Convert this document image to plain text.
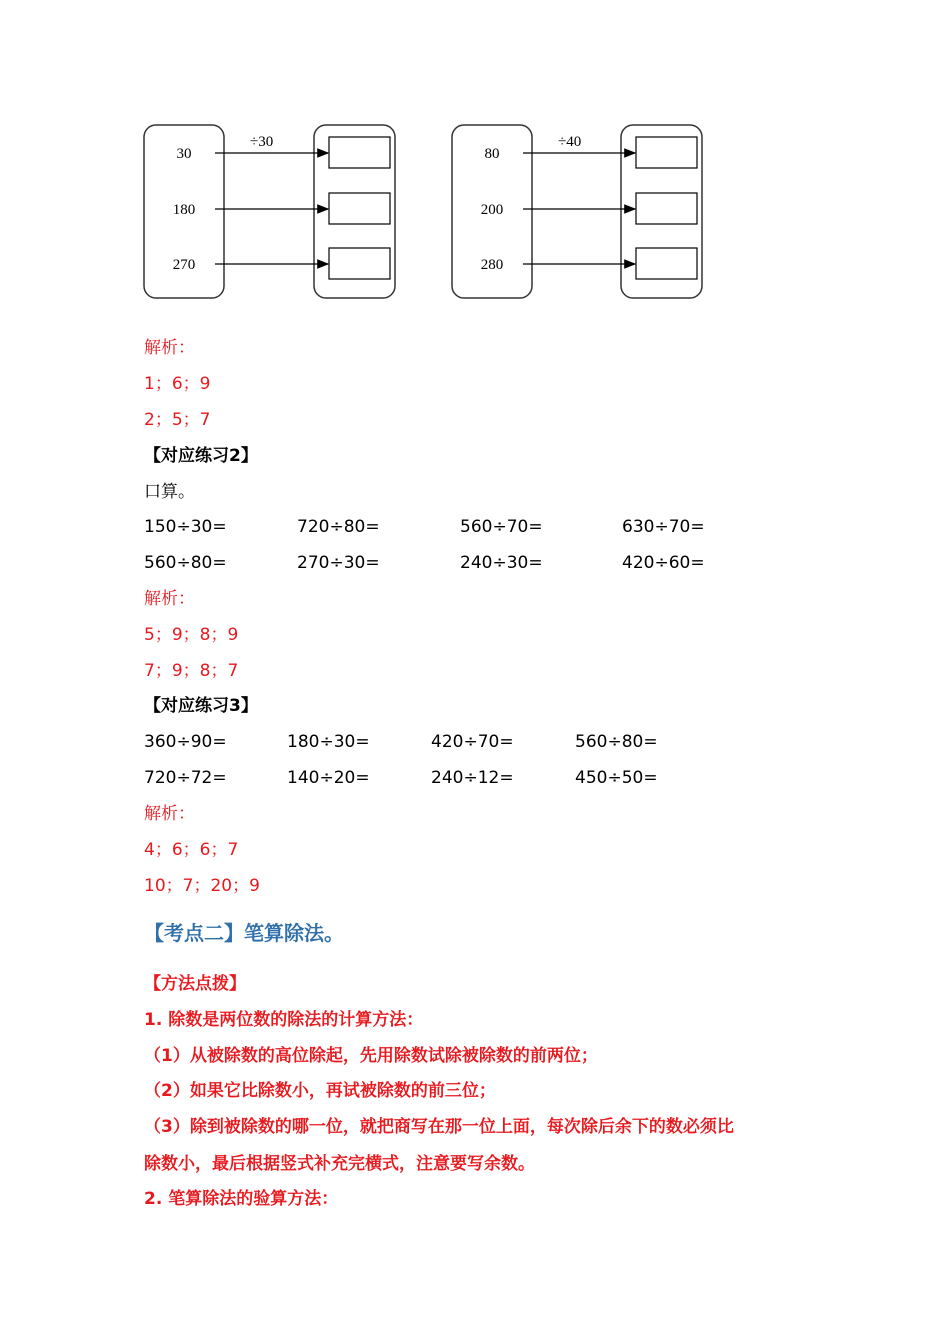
÷30
30
180
270
÷40
80
200
280
解析：
1；6；9
2；5；7
【对应练习2】
口算。
150÷30=	720÷80=	560÷70=	630÷70=
560÷80=	270÷30=	240÷30=	420÷60=
解析：
5；9；8；9
7；9；8；7
【对应练习3】
360÷90=	180÷30=	420÷70=	560÷80=
720÷72=	140÷20=	240÷12=	450÷50=
解析：
4；6；6；7
10；7；20；9
【考点二】笔算除法。
【方法点拨】
1. 除数是两位数的除法的计算方法：
（1）从被除数的高位除起，先用除数试除被除数的前两位；
（2）如果它比除数小，再试被除数的前三位；
（3）除到被除数的哪一位，就把商写在那一位上面，每次除后余下的数必须比
除数小，最后根据竖式补充完横式，注意要写余数。
2. 笔算除法的验算方法：
